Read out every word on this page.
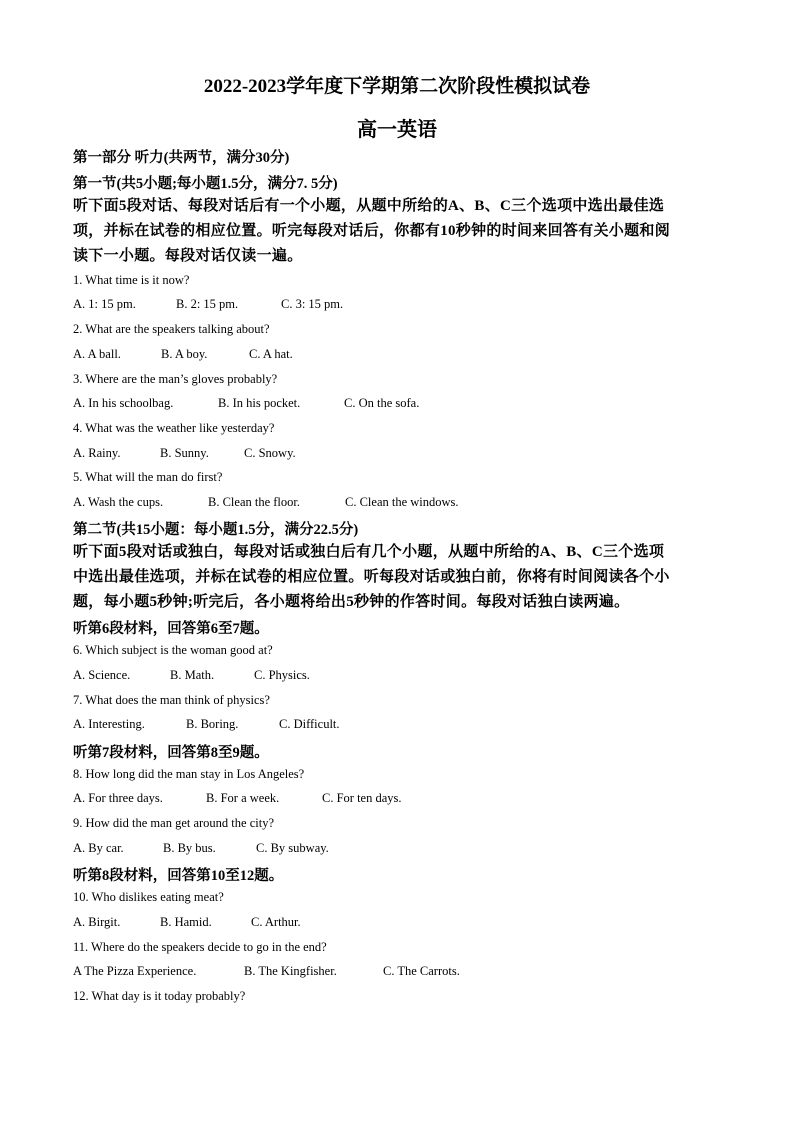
2022-2023学年度下学期第二次阶段性模拟试卷
高一英语
第一部分 听力(共两节，满分30分)
第一节(共5小题;每小题1.5分，满分7. 5分)
听下面5段对话、每段对话后有一个小题，从题中所给的A、B、C三个选项中选出最佳选
项，并标在试卷的相应位置。听完每段对话后，你都有10秒钟的时间来回答有关小题和阅
读下一小题。每段对话仅读一遍。
1. What time is it now?
A. 1: 15 pm.	B. 2: 15 pm.	C. 3: 15 pm.
2. What are the speakers talking about?
A. A ball.	B. A boy.	C. A hat.
3. Where are the man’s gloves probably?
A. In his schoolbag.	B. In his pocket.	C. On the sofa.
4. What was the weather like yesterday?
A. Rainy.	B. Sunny.	C. Snowy.
5. What will the man do first?
A. Wash the cups.	B. Clean the floor.	C. Clean the windows.
第二节(共15小题：每小题1.5分，满分22.5分)
听下面5段对话或独白，每段对话或独白后有几个小题，从题中所给的A、B、C三个选项
中选出最佳选项，并标在试卷的相应位置。听每段对话或独白前，你将有时间阅读各个小
题，每小题5秒钟;听完后，各小题将给出5秒钟的作答时间。每段对话独白读两遍。
听第6段材料，回答第6至7题。
6. Which subject is the woman good at?
A. Science.	B. Math.	C. Physics.
7. What does the man think of physics?
A. Interesting.	B. Boring.	C. Difficult.
听第7段材料，回答第8至9题。
8. How long did the man stay in Los Angeles?
A. For three days.	B. For a week.	C. For ten days.
9. How did the man get around the city?
A. By car.	B. By bus.	C. By subway.
听第8段材料，回答第10至12题。
10. Who dislikes eating meat?
A. Birgit.	B. Hamid.	C. Arthur.
11. Where do the speakers decide to go in the end?
A The Pizza Experience.	B. The Kingfisher.	C. The Carrots.
12. What day is it today probably?
